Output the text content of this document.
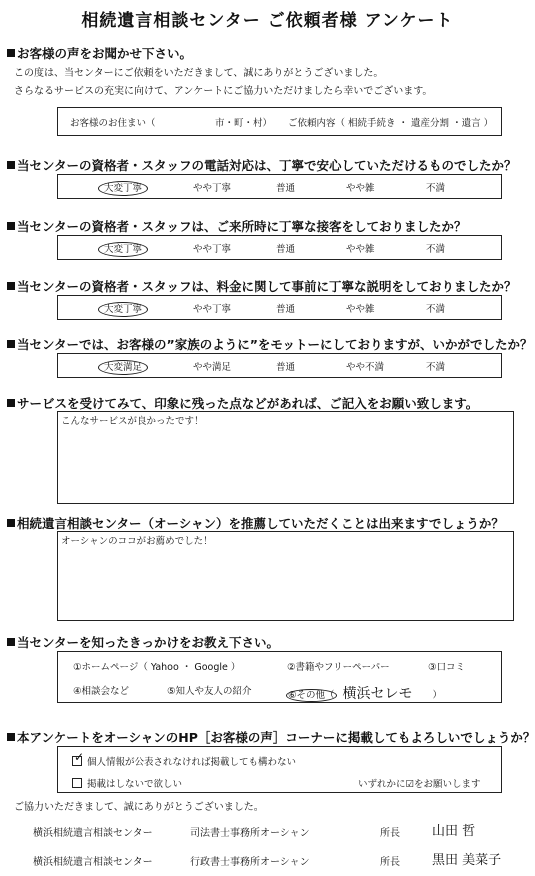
相続遺言相談センター ご依頼者様 アンケート
お客様の声をお聞かせ下さい。
この度は、当センターにご依頼をいただきまして、誠にありがとうございました。
さらなるサービスの充実に向けて、アンケートにご協力いただけましたら幸いでございます。
お客様のお住まい（	市・町・村） ご依頼内容（ 相続手続き ・ 遺産分割 ・遺言 ）
当センターの資格者・スタッフの電話対応は、丁寧で安心していただけるものでしたか？
大変丁寧	やや丁寧	普通	やや雑	不満
当センターの資格者・スタッフは、ご来所時に丁寧な接客をしておりましたか？
大変丁寧	やや丁寧	普通	やや雑	不満
当センターの資格者・スタッフは、料金に関して事前に丁寧な説明をしておりましたか？
大変丁寧	やや丁寧	普通	やや雑	不満
当センターでは、お客様の”家族のように”をモットーにしておりますが、いかがでしたか？
大変満足	やや満足	普通	やや不満	不満
サービスを受けてみて、印象に残った点などがあれば、ご記入をお願い致します。
こんなサービスが良かったです！
相続遺言相談センター（オーシャン）を推薦していただくことは出来ますでしょうか？
オーシャンのココがお薦めでした！
当センターを知ったきっかけをお教え下さい。
①ホームページ（ Yahoo ・ Google ）	②書籍やフリーペーパー	③口コミ
④相談会など	⑤知人や友人の紹介	⑥その他（ 横浜セレモ ）
本アンケートをオーシャンのHP［お客様の声］コーナーに掲載してもよろしいでしょうか？
✓ 個人情報が公表されなければ掲載しても構わない
掲載はしないで欲しい	いずれかに☑をお願いします
ご協力いただきまして、誠にありがとうございました。
横浜相続遺言相談センター	司法書士事務所オーシャン	所長 山田 哲
横浜相続遺言相談センター	行政書士事務所オーシャン	所長 黒田 美菜子
